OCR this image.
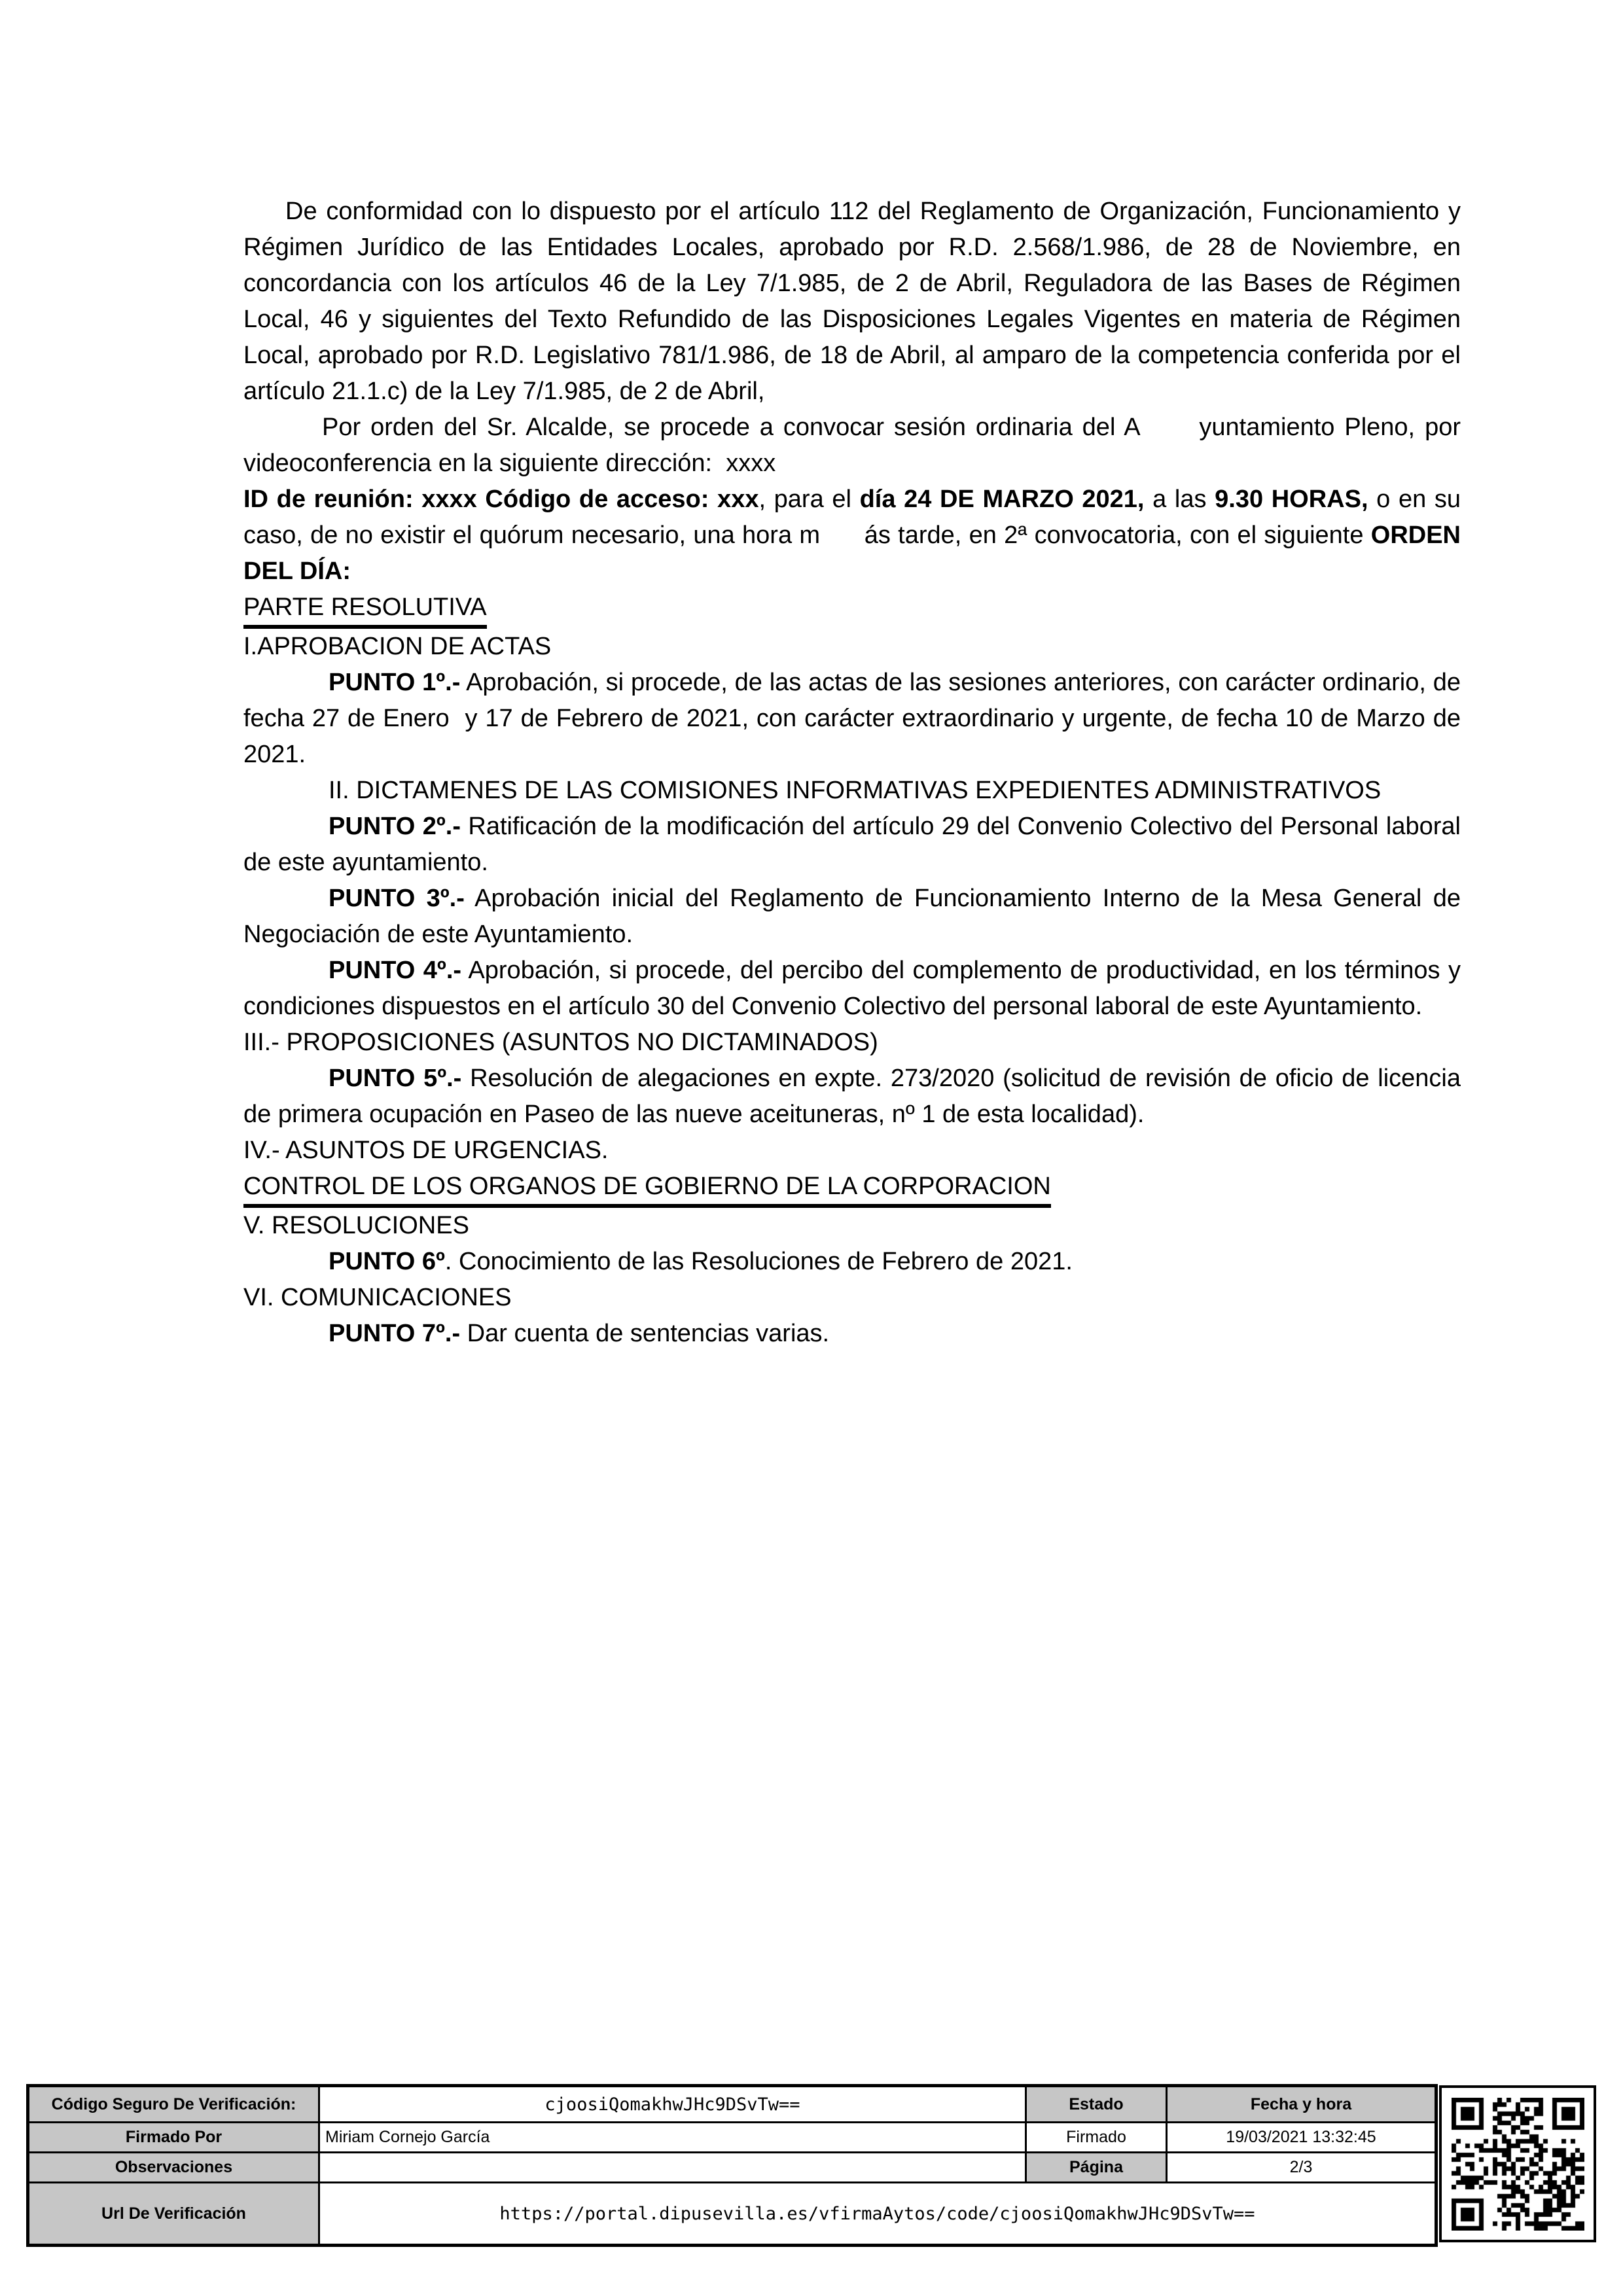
De conformidad con lo dispuesto por el artículo 112 del Reglamento de Organización, Funcionamiento y Régimen Jurídico de las Entidades Locales, aprobado por R.D. 2.568/1.986, de 28 de Noviembre, en concordancia con los artículos 46 de la Ley 7/1.985, de 2 de Abril, Reguladora de las Bases de Régimen Local, 46 y siguientes del Texto Refundido de las Disposiciones Legales Vigentes en materia de Régimen Local, aprobado por R.D. Legislativo 781/1.986, de 18 de Abril, al amparo de la competencia conferida por el artículo 21.1.c) de la Ley 7/1.985, de 2 de Abril,

Por orden del Sr. Alcalde, se procede a convocar sesión ordinaria del A      yuntamiento Pleno, por videoconferencia en la siguiente dirección:  xxxx

ID de reunión: xxxx Código de acceso: xxx, para el día 24 DE MARZO 2021, a las 9.30 HORAS, o en su caso, de no existir el quórum necesario, una hora m      ás tarde, en 2ª convocatoria, con el siguiente ORDEN DEL DÍA:

PARTE RESOLUTIVA
I.APROBACION DE ACTAS

PUNTO 1º.- Aprobación, si procede, de las actas de las sesiones anteriores, con carácter ordinario, de fecha 27 de Enero  y 17 de Febrero de 2021, con carácter extraordinario y urgente, de fecha 10 de Marzo de 2021.

II. DICTAMENES DE LAS COMISIONES INFORMATIVAS EXPEDIENTES ADMINISTRATIVOS

PUNTO 2º.- Ratificación de la modificación del artículo 29 del Convenio Colectivo del Personal laboral de este ayuntamiento.

PUNTO 3º.- Aprobación inicial del Reglamento de Funcionamiento Interno de la Mesa General de Negociación de este Ayuntamiento.

PUNTO 4º.- Aprobación, si procede, del percibo del complemento de productividad, en los términos y condiciones dispuestos en el artículo 30 del Convenio Colectivo del personal laboral de este Ayuntamiento.

III.- PROPOSICIONES (ASUNTOS NO DICTAMINADOS)

PUNTO 5º.- Resolución de alegaciones en expte. 273/2020 (solicitud de revisión de oficio de licencia de primera ocupación en Paseo de las nueve aceituneras, nº 1 de esta localidad).

IV.- ASUNTOS DE URGENCIAS.
CONTROL DE LOS ORGANOS DE GOBIERNO DE LA CORPORACION
V. RESOLUCIONES

PUNTO 6º. Conocimiento de las Resoluciones de Febrero de 2021.

VI. COMUNICACIONES

PUNTO 7º.- Dar cuenta de sentencias varias.

Código Seguro De Verificación:	cjoosiQomakhwJHc9DSvTw==	Estado	Fecha y hora
Firmado Por	Miriam Cornejo García	Firmado	19/03/2021 13:32:45
Observaciones		Página	2/3
Url De Verificación	https://portal.dipusevilla.es/vfirmaAytos/code/cjoosiQomakhwJHc9DSvTw==		
